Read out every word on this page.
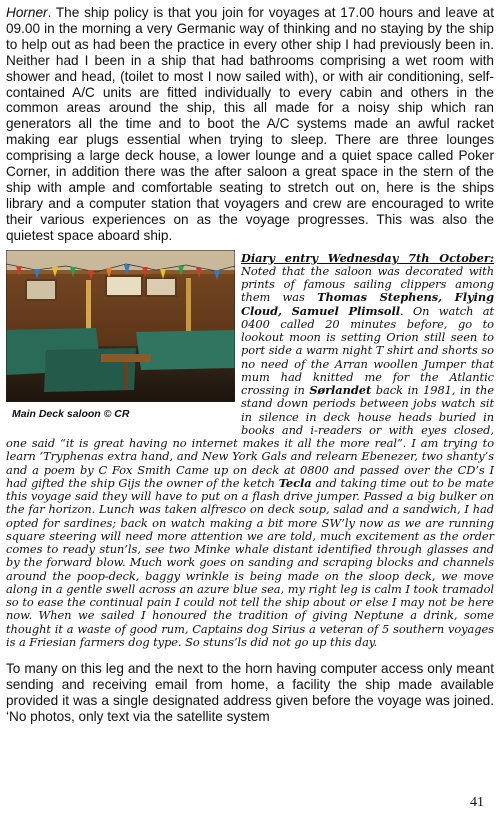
Horner. The ship policy is that you join for voyages at 17.00 hours and leave at 09.00 in the morning a very Germanic way of thinking and no staying by the ship to help out as had been the practice in every other ship I had previously been in. Neither had I been in a ship that had bathrooms comprising a wet room with shower and head, (toilet to most I now sailed with), or with air conditioning, self-contained A/C units are fitted individually to every cabin and others in the common areas around the ship, this all made for a noisy ship which ran generators all the time and to boot the A/C systems made an awful racket making ear plugs essential when trying to sleep. There are three lounges comprising a large deck house, a lower lounge and a quiet space called Poker Corner, in addition there was the after saloon a great space in the stern of the ship with ample and comfortable seating to stretch out on, here is the ships library and a computer station that voyagers and crew are encouraged to write their various experiences on as the voyage progresses. This was also the quietest space aboard ship.

Main Deck saloon © CR

Diary entry Wednesday 7th October: Noted that the saloon was decorated with prints of famous sailing clippers among them was Thomas Stephens, Flying Cloud, Samuel Plimsoll. On watch at 0400 called 20 minutes before, go to lookout moon is setting Orion still seen to port side a warm night T shirt and shorts so no need of the Arran woollen Jumper that mum had knitted me for the Atlantic crossing in Sørlandet back in 1981, in the stand down periods between jobs watch sit in silence in deck house heads buried in books and i-readers or with eyes closed, one said “it is great having no internet makes it all the more real”. I am trying to learn ‘Tryphenas extra hand, and New York Gals and relearn Ebenezer, two shanty’s and a poem by C Fox Smith Came up on deck at 0800 and passed over the CD’s I had gifted the ship Gijs the owner of the ketch Tecla and taking time out to be mate this voyage said they will have to put on a flash drive jumper. Passed a big bulker on the far horizon. Lunch was taken alfresco on deck soup, salad and a sandwich, I had opted for sardines; back on watch making a bit more SW’ly now as we are running square steering will need more attention we are told, much excitement as the order comes to ready stun’ls, see two Minke whale distant identified through glasses and by the forward blow. Much work goes on sanding and scraping blocks and channels around the poop-deck, baggy wrinkle is being made on the sloop deck, we move along in a gentle swell across an azure blue sea, my right leg is calm I took tramadol so to ease the continual pain I could not tell the ship about or else I may not be here now. When we sailed I honoured the tradition of giving Neptune a drink, some thought it a waste of good rum, Captains dog Sirius a veteran of 5 southern voyages is a Friesian farmers dog type. So stuns’ls did not go up this day.

To many on this leg and the next to the horn having computer access only meant sending and receiving email from home, a facility the ship made available provided it was a single designated address given before the voyage was joined. ‘No photos, only text via the satellite system

41
